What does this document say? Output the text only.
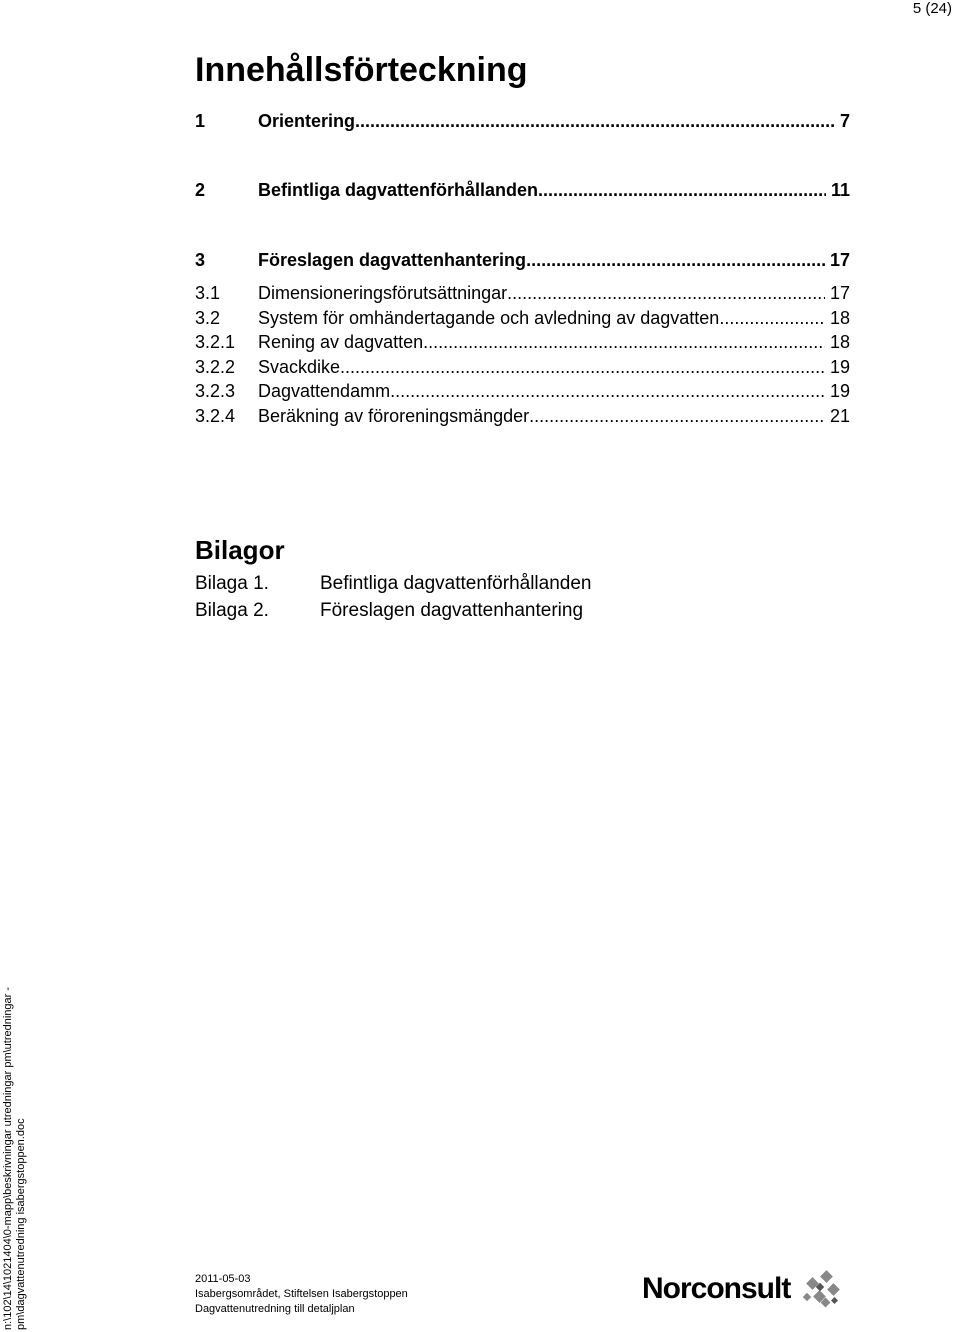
5 (24)
Innehållsförteckning
1	Orientering .....	7
2	Befintliga dagvattenförhållanden .....	11
3	Föreslagen dagvattenhantering .....	17
3.1	Dimensioneringsförutsättningar .....	17
3.2	System för omhändertagande och avledning av dagvatten .....	18
3.2.1	Rening av dagvatten .....	18
3.2.2	Svackdike .....	19
3.2.3	Dagvattendamm .....	19
3.2.4	Beräkning av föroreningsmängder .....	21
Bilagor
Bilaga 1.	Befintliga dagvattenförhållanden
Bilaga 2.	Föreslagen dagvattenhantering
n:\102\14\1021404\0-mapp\beskrivningar utredningar pm\utredningar - pm\dagvattenutredning isabergstoppen.doc	2011-05-03
Isabergsområdet, Stiftelsen Isabergstoppen
Dagvattenutredning till detaljplan
Norconsult
